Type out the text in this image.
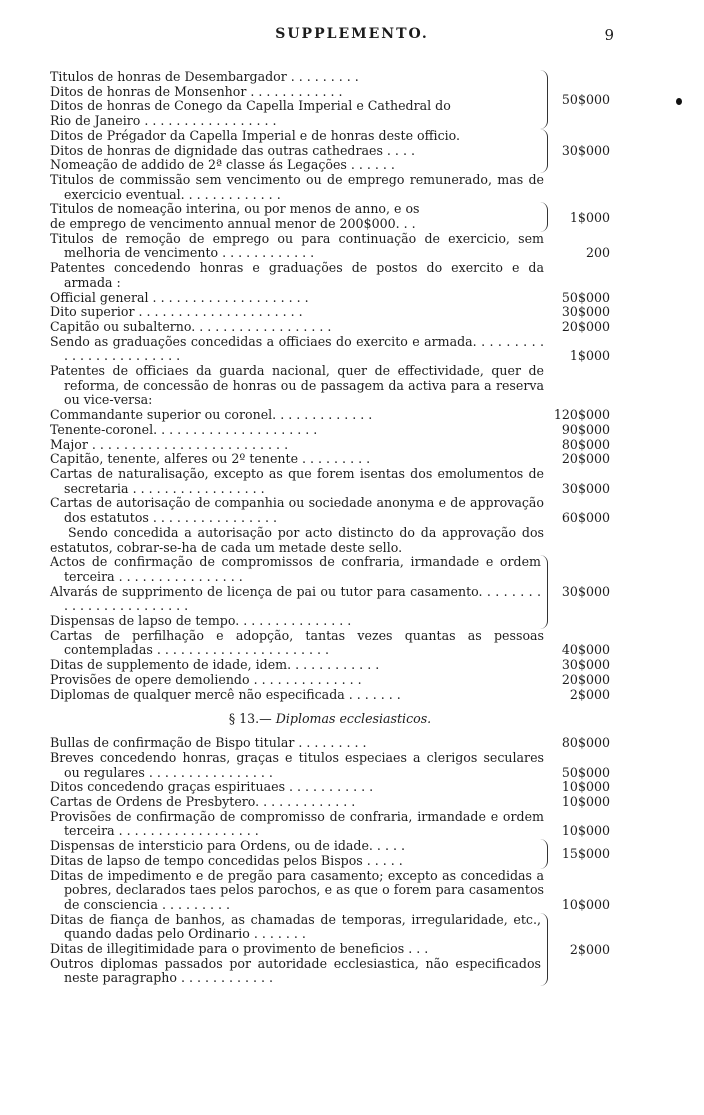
SUPPLEMENTO.	9
Titulos de honras de Desembargador . . . . . . . . .
Ditos de honras de Monsenhor . . . . . . . . . . . .
Ditos de honras de Conego da Capella Imperial e Cathedral do
Rio de Janeiro . . . . . . . . . . . . . . . . .
50$000
Ditos de Prégador da Capella Imperial e de honras deste officio.
Ditos de honras de dignidade das outras cathedraes . . . .
Nomeação de addido de 2ª classe ás Legações . . . . . .
30$000
Titulos de commissão sem vencimento ou de emprego remunerado, mas de exercicio eventual. . . . . . . . . . . . .
Titulos de nomeação interina, ou por menos de anno, e os
de emprego de vencimento annual menor de 200$000. . .	1$000
Titulos de remoção de emprego ou para continuação de exercicio, sem melhoria de vencimento . . . . . . . . . . . .	200
Patentes concedendo honras e graduações de postos do exercito e da armada :
Official general . . . . . . . . . . . . . . . . . . . .	50$000
Dito superior . . . . . . . . . . . . . . . . . . . . .	30$000
Capitão ou subalterno. . . . . . . . . . . . . . . . . .	20$000
Sendo as graduações concedidas a officiaes do exercito e armada. . . . . . . . . . . . . . . . . . . . . . . .	1$000
Patentes de officiaes da guarda nacional, quer de effectividade, quer de reforma, de concessão de honras ou de passagem da activa para a reserva ou vice-versa:
Commandante superior ou coronel. . . . . . . . . . . . .	120$000
Tenente-coronel. . . . . . . . . . . . . . . . . . . . .	90$000
Major . . . . . . . . . . . . . . . . . . . . . . . . .	80$000
Capitão, tenente, alferes ou 2º tenente . . . . . . . . .	20$000
Cartas de naturalisação, excepto as que forem isentas dos emolumentos de secretaria . . . . . . . . . . . . . . . . .	30$000
Cartas de autorisação de companhia ou sociedade anonyma e de approvação dos estatutos . . . . . . . . . . . . . . . .	60$000
Sendo concedida a autorisação por acto distincto do da approvação dos estatutos, cobrar-se-ha de cada um metade deste sello.
Actos de confirmação de compromissos de confraria, irmandade e ordem terceira . . . . . . . . . . . . . . . .
Alvarás de supprimento de licença de pai ou tutor para casamento. . . . . . . . . . . . . . . . . . . . . . . .
Dispensas de lapso de tempo. . . . . . . . . . . . . . .
30$000
Cartas de perfilhação e adopção, tantas vezes quantas as pessoas contempladas . . . . . . . . . . . . . . . . . . . . . .	40$000
Ditas de supplemento de idade, idem. . . . . . . . . . . .	30$000
Provisões de opere demoliendo . . . . . . . . . . . . . .	20$000
Diplomas de qualquer mercê não especificada . . . . . . .	2$000
§ 13.— Diplomas ecclesiasticos.
Bullas de confirmação de Bispo titular . . . . . . . . .	80$000
Breves concedendo honras, graças e titulos especiaes a clerigos seculares ou regulares . . . . . . . . . . . . . . . .	50$000
Ditos concedendo graças espirituaes . . . . . . . . . . .	10$000
Cartas de Ordens de Presbytero. . . . . . . . . . . . .	10$000
Provisões de confirmação de compromisso de confraria, irmandade e ordem terceira . . . . . . . . . . . . . . . . . .	10$000
Dispensas de intersticio para Ordens, ou de idade. . . . .
Ditas de lapso de tempo concedidas pelos Bispos . . . . .	15$000
Ditas de impedimento e de pregão para casamento; excepto as concedidas a pobres, declarados taes pelos parochos, e as que o forem para casamentos de consciencia . . . . . . . . .	10$000
Ditas de fiança de banhos, as chamadas de temporas, irregularidade, etc., quando dadas pelo Ordinario . . . . . . .
Ditas de illegitimidade para o provimento de beneficios . . .
Outros diplomas passados por autoridade ecclesiastica, não especificados neste paragrapho . . . . . . . . . . . .
2$000
